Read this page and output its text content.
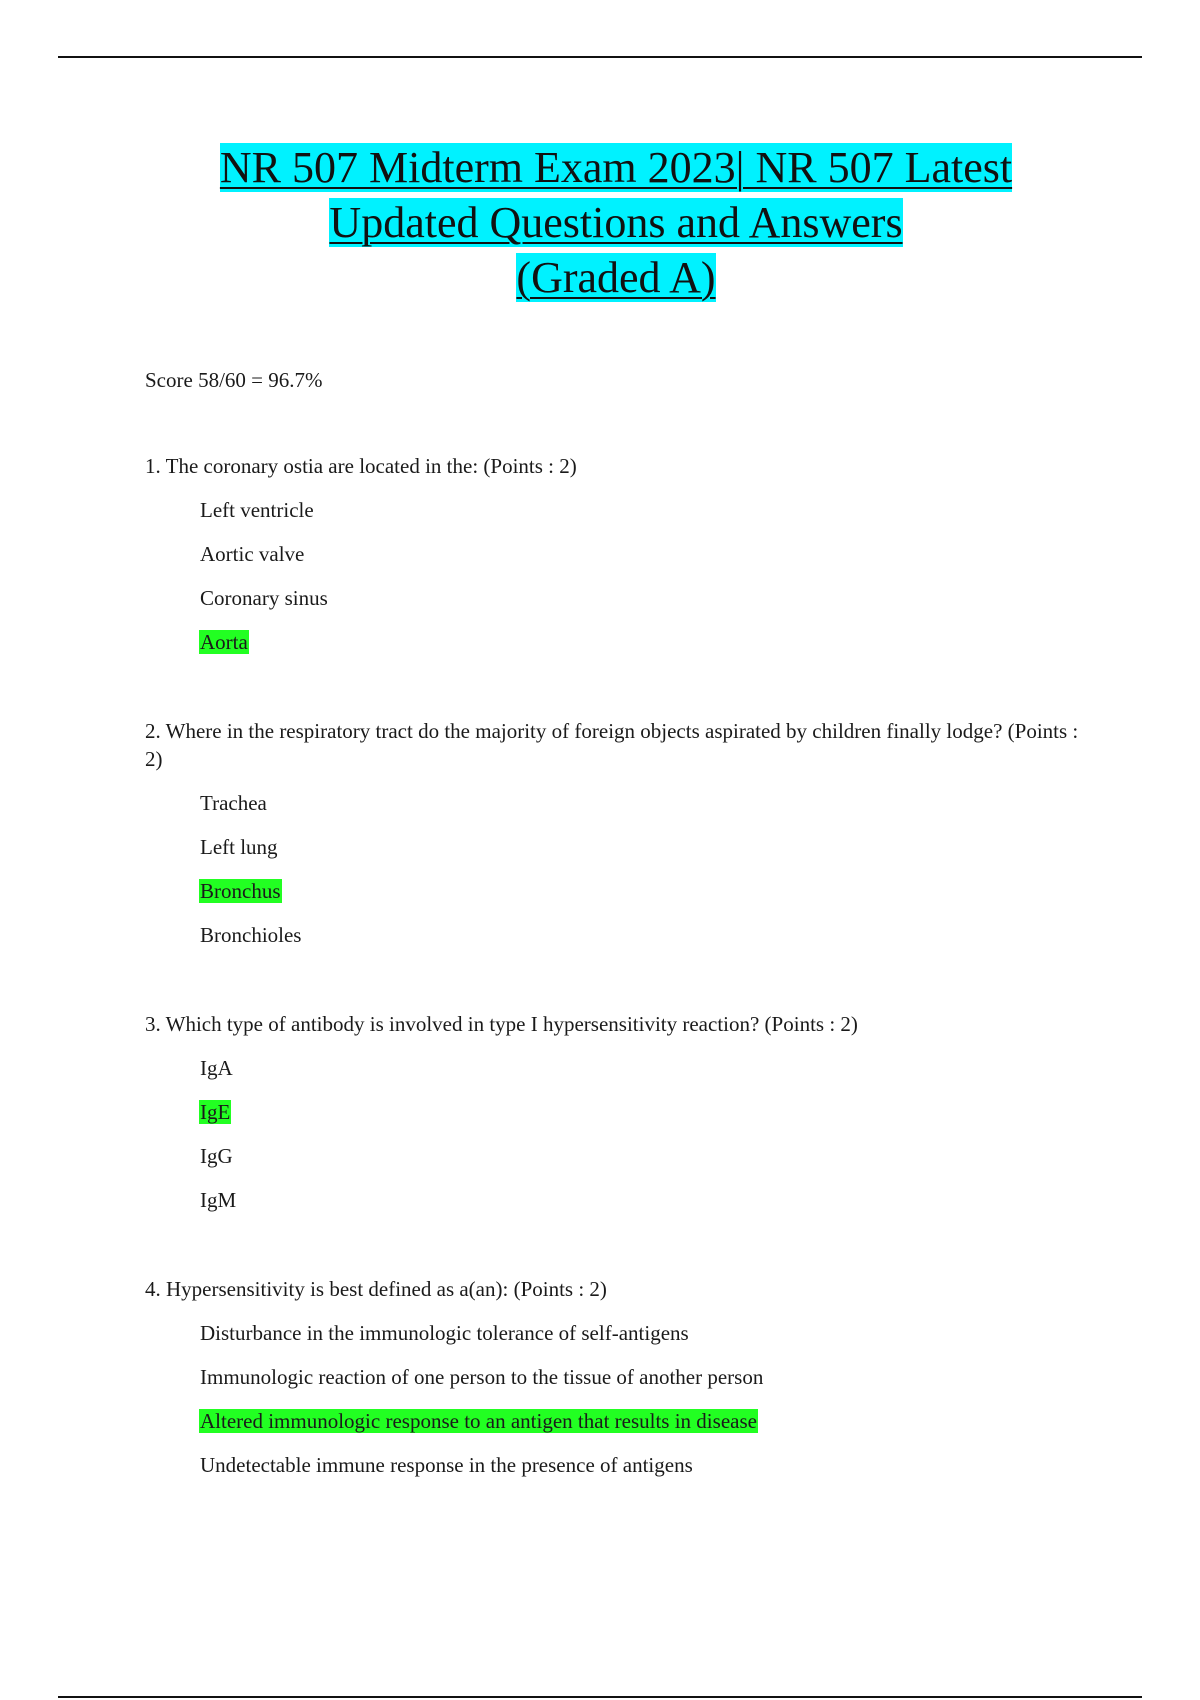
NR 507 Midterm Exam 2023| NR 507 Latest
Updated Questions and Answers
(Graded A)
Score 58/60 = 96.7%

1. The coronary ostia are located in the: (Points : 2)

Left ventricle
Aortic valve
Coronary sinus
Aorta

2. Where in the respiratory tract do the majority of foreign objects aspirated by children finally lodge? (Points : 2)

Trachea
Left lung
Bronchus
Bronchioles

3. Which type of antibody is involved in type I hypersensitivity reaction? (Points : 2)

IgA
IgE
IgG
IgM

4. Hypersensitivity is best defined as a(an): (Points : 2)

Disturbance in the immunologic tolerance of self-antigens
Immunologic reaction of one person to the tissue of another person
Altered immunologic response to an antigen that results in disease
Undetectable immune response in the presence of antigens
